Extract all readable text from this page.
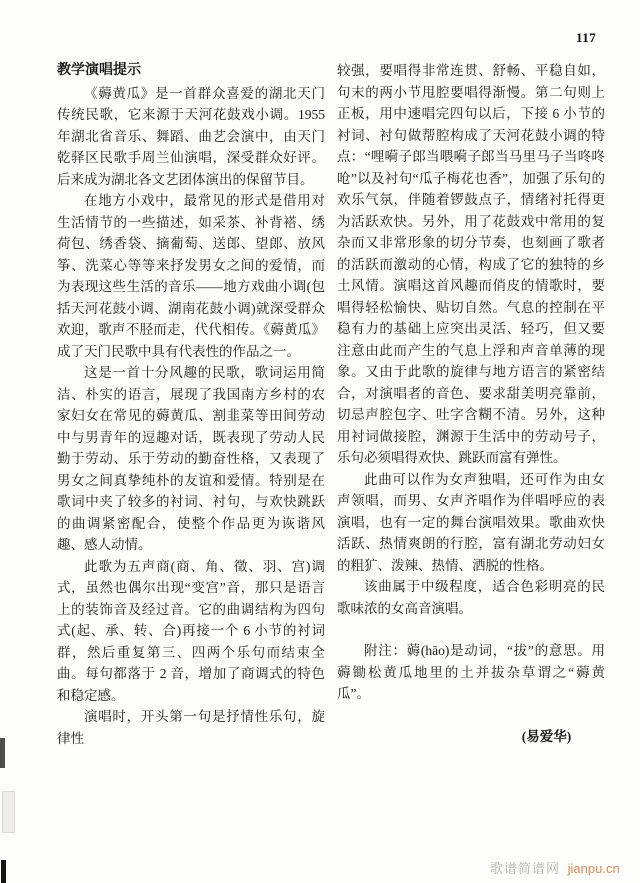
117

教学演唱提示

《薅黄瓜》是一首群众喜爱的湖北天门传统民歌，它来源于天河花鼓戏小调。1955 年湖北省音乐、舞蹈、曲艺会演中，由天门乾驿区民歌手周兰仙演唱，深受群众好评。后来成为湖北各文艺团体演出的保留节目。

在地方小戏中，最常见的形式是借用对生活情节的一些描述，如采茶、补背褡、绣荷包、绣香袋、摘葡萄、送郎、望郎、放风筝、洗菜心等等来抒发男女之间的爱情，而为表现这些生活的音乐——地方戏曲小调(包括天河花鼓小调、湖南花鼓小调)就深受群众欢迎，歌声不胫而走，代代相传。《薅黄瓜》成了天门民歌中具有代表性的作品之一。

这是一首十分风趣的民歌，歌词运用简洁、朴实的语言，展现了我国南方乡村的农家妇女在常见的薅黄瓜、割韭菜等田间劳动中与男青年的逗趣对话，既表现了劳动人民勤于劳动、乐于劳动的勤奋性格，又表现了男女之间真挚纯朴的友谊和爱情。特别是在歌词中夹了较多的衬词、衬句，与欢快跳跃的曲调紧密配合，使整个作品更为诙谐风趣、感人动情。

此歌为五声商(商、角、徵、羽、宫)调式，虽然也偶尔出现“变宫”音，那只是语言上的装饰音及经过音。它的曲调结构为四句式(起、承、转、合)再接一个 6 小节的衬词群，然后重复第三、四两个乐句而结束全曲。每句都落于 2 音，增加了商调式的特色和稳定感。

演唱时，开头第一句是抒情性乐句，旋律性

较强，要唱得非常连贯、舒畅、平稳自如，句末的两小节甩腔要唱得渐慢。第二句则上正板，用中速唱完四句以后，下接 6 小节的衬词、衬句做帮腔构成了天河花鼓小调的特点：“哩嗬子郎当喂嗬子郎当马里马子当咚咚呛”以及衬句“瓜子梅花也香”，加强了乐句的欢乐气氛，伴随着锣鼓点子，情绪衬托得更为活跃欢快。另外，用了花鼓戏中常用的复杂而又非常形象的切分节奏，也刻画了歌者的活跃而激动的心情，构成了它的独特的乡土风情。演唱这首风趣而俏皮的情歌时，要唱得轻松愉快、贴切自然。气息的控制在平稳有力的基础上应突出灵活、轻巧，但又要注意由此而产生的气息上浮和声音单薄的现象。又由于此歌的旋律与地方语言的紧密结合，对演唱者的音色、要求甜美明亮靠前，切忌声腔包字、吐字含糊不清。另外，这种用衬词做接腔，渊源于生活中的劳动号子，乐句必须唱得欢快、跳跃而富有弹性。

此曲可以作为女声独唱，还可作为由女声领唱，而男、女声齐唱作为伴唱呼应的表演唱，也有一定的舞台演唱效果。歌曲欢快活跃、热情爽朗的行腔，富有湖北劳动妇女的粗犷、泼辣、热情、洒脱的性格。

该曲属于中级程度，适合色彩明亮的民歌味浓的女高音演唱。

附注：薅(hāo)是动词，“拔”的意思。用薅锄松黄瓜地里的土并拔杂草谓之“薅黄瓜”。

(易爱华)

歌谱简谱网 jianpu.cn
